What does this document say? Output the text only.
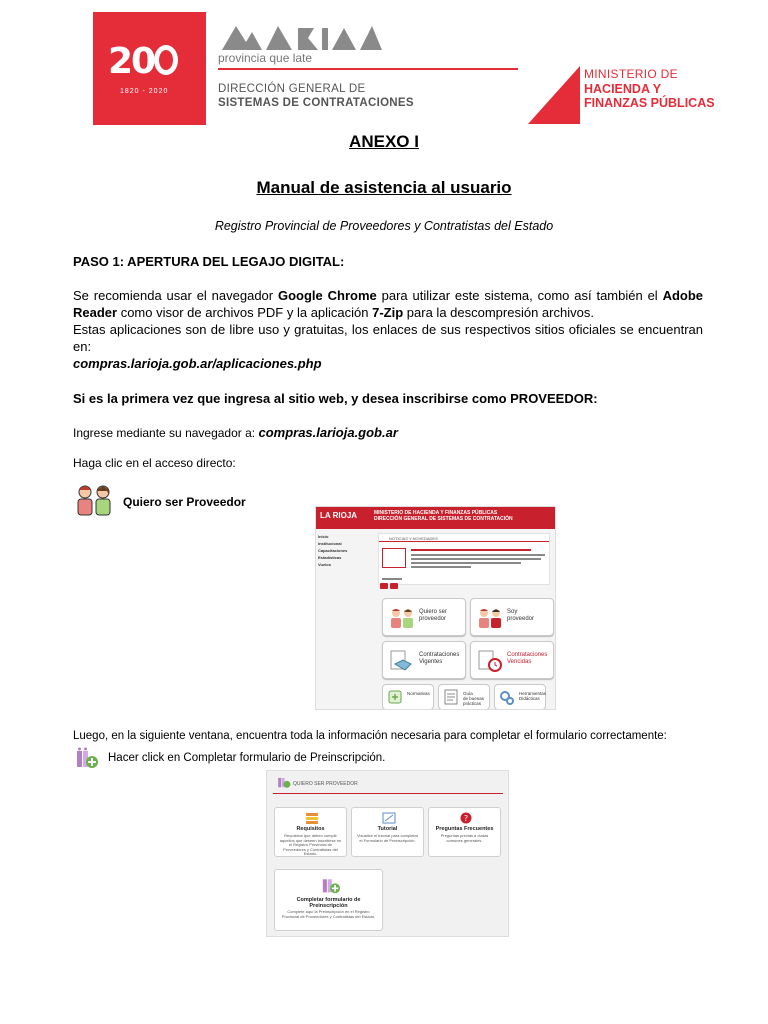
20
1820 - 2020
provincia que late
DIRECCIÓN GENERAL DE
SISTEMAS DE CONTRATACIONES
MINISTERIO DE
HACIENDA Y
FINANZAS PÚBLICAS
ANEXO I
Manual de asistencia al usuario
Registro Provincial de Proveedores y Contratistas del Estado
PASO 1: APERTURA DEL LEGAJO DIGITAL:
Se recomienda usar el navegador Google Chrome para utilizar este sistema, como así también el Adobe Reader como visor de archivos PDF y la aplicación 7-Zip para la descompresión archivos.
Estas aplicaciones son de libre uso y gratuitas, los enlaces de sus respectivos sitios oficiales se encuentran en:
compras.larioja.gob.ar/aplicaciones.php
Si es la primera vez que ingresa al sitio web, y desea inscribirse como PROVEEDOR:
Ingrese mediante su navegador a: compras.larioja.gob.ar
Haga clic en el acceso directo:
Quiero ser Proveedor
LA RIOJA	MINISTERIO DE HACIENDA Y FINANZAS PÚBLICAS
DIRECCIÓN GENERAL DE SISTEMAS DE CONTRATACIÓN
Inicio
Institucional
Capacitaciones
Estadísticas
Vuelos
NOTICIAS Y NOVEDADES
Quiero ser
proveedor
Soy
proveedor
Contrataciones
Vigentes
Contrataciones
Vencidas
Normativas	Guía
de buenas prácticas
Herramientas
Didácticas
Luego, en la siguiente ventana, encuentra toda la información necesaria para completar el formulario correctamente:
Hacer click en Completar formulario de Preinscripción.
QUIERO SER PROVEEDOR
Requisitos
Requisitos que deben cumplir aquellos que deseen inscribirse en el Registro Provincial de Proveedores y Contratistas del Estado.
Tutorial
Visualice el tutorial para completar el Formulario de Preinscripción.
?
Preguntas Frecuentes
Preguntas previas a dudas comunes generales.
Completar formulario de Preinscripción
Complete aquí la Preinscripción en el Registro Provincial de Proveedores y Contratistas del Estado.
